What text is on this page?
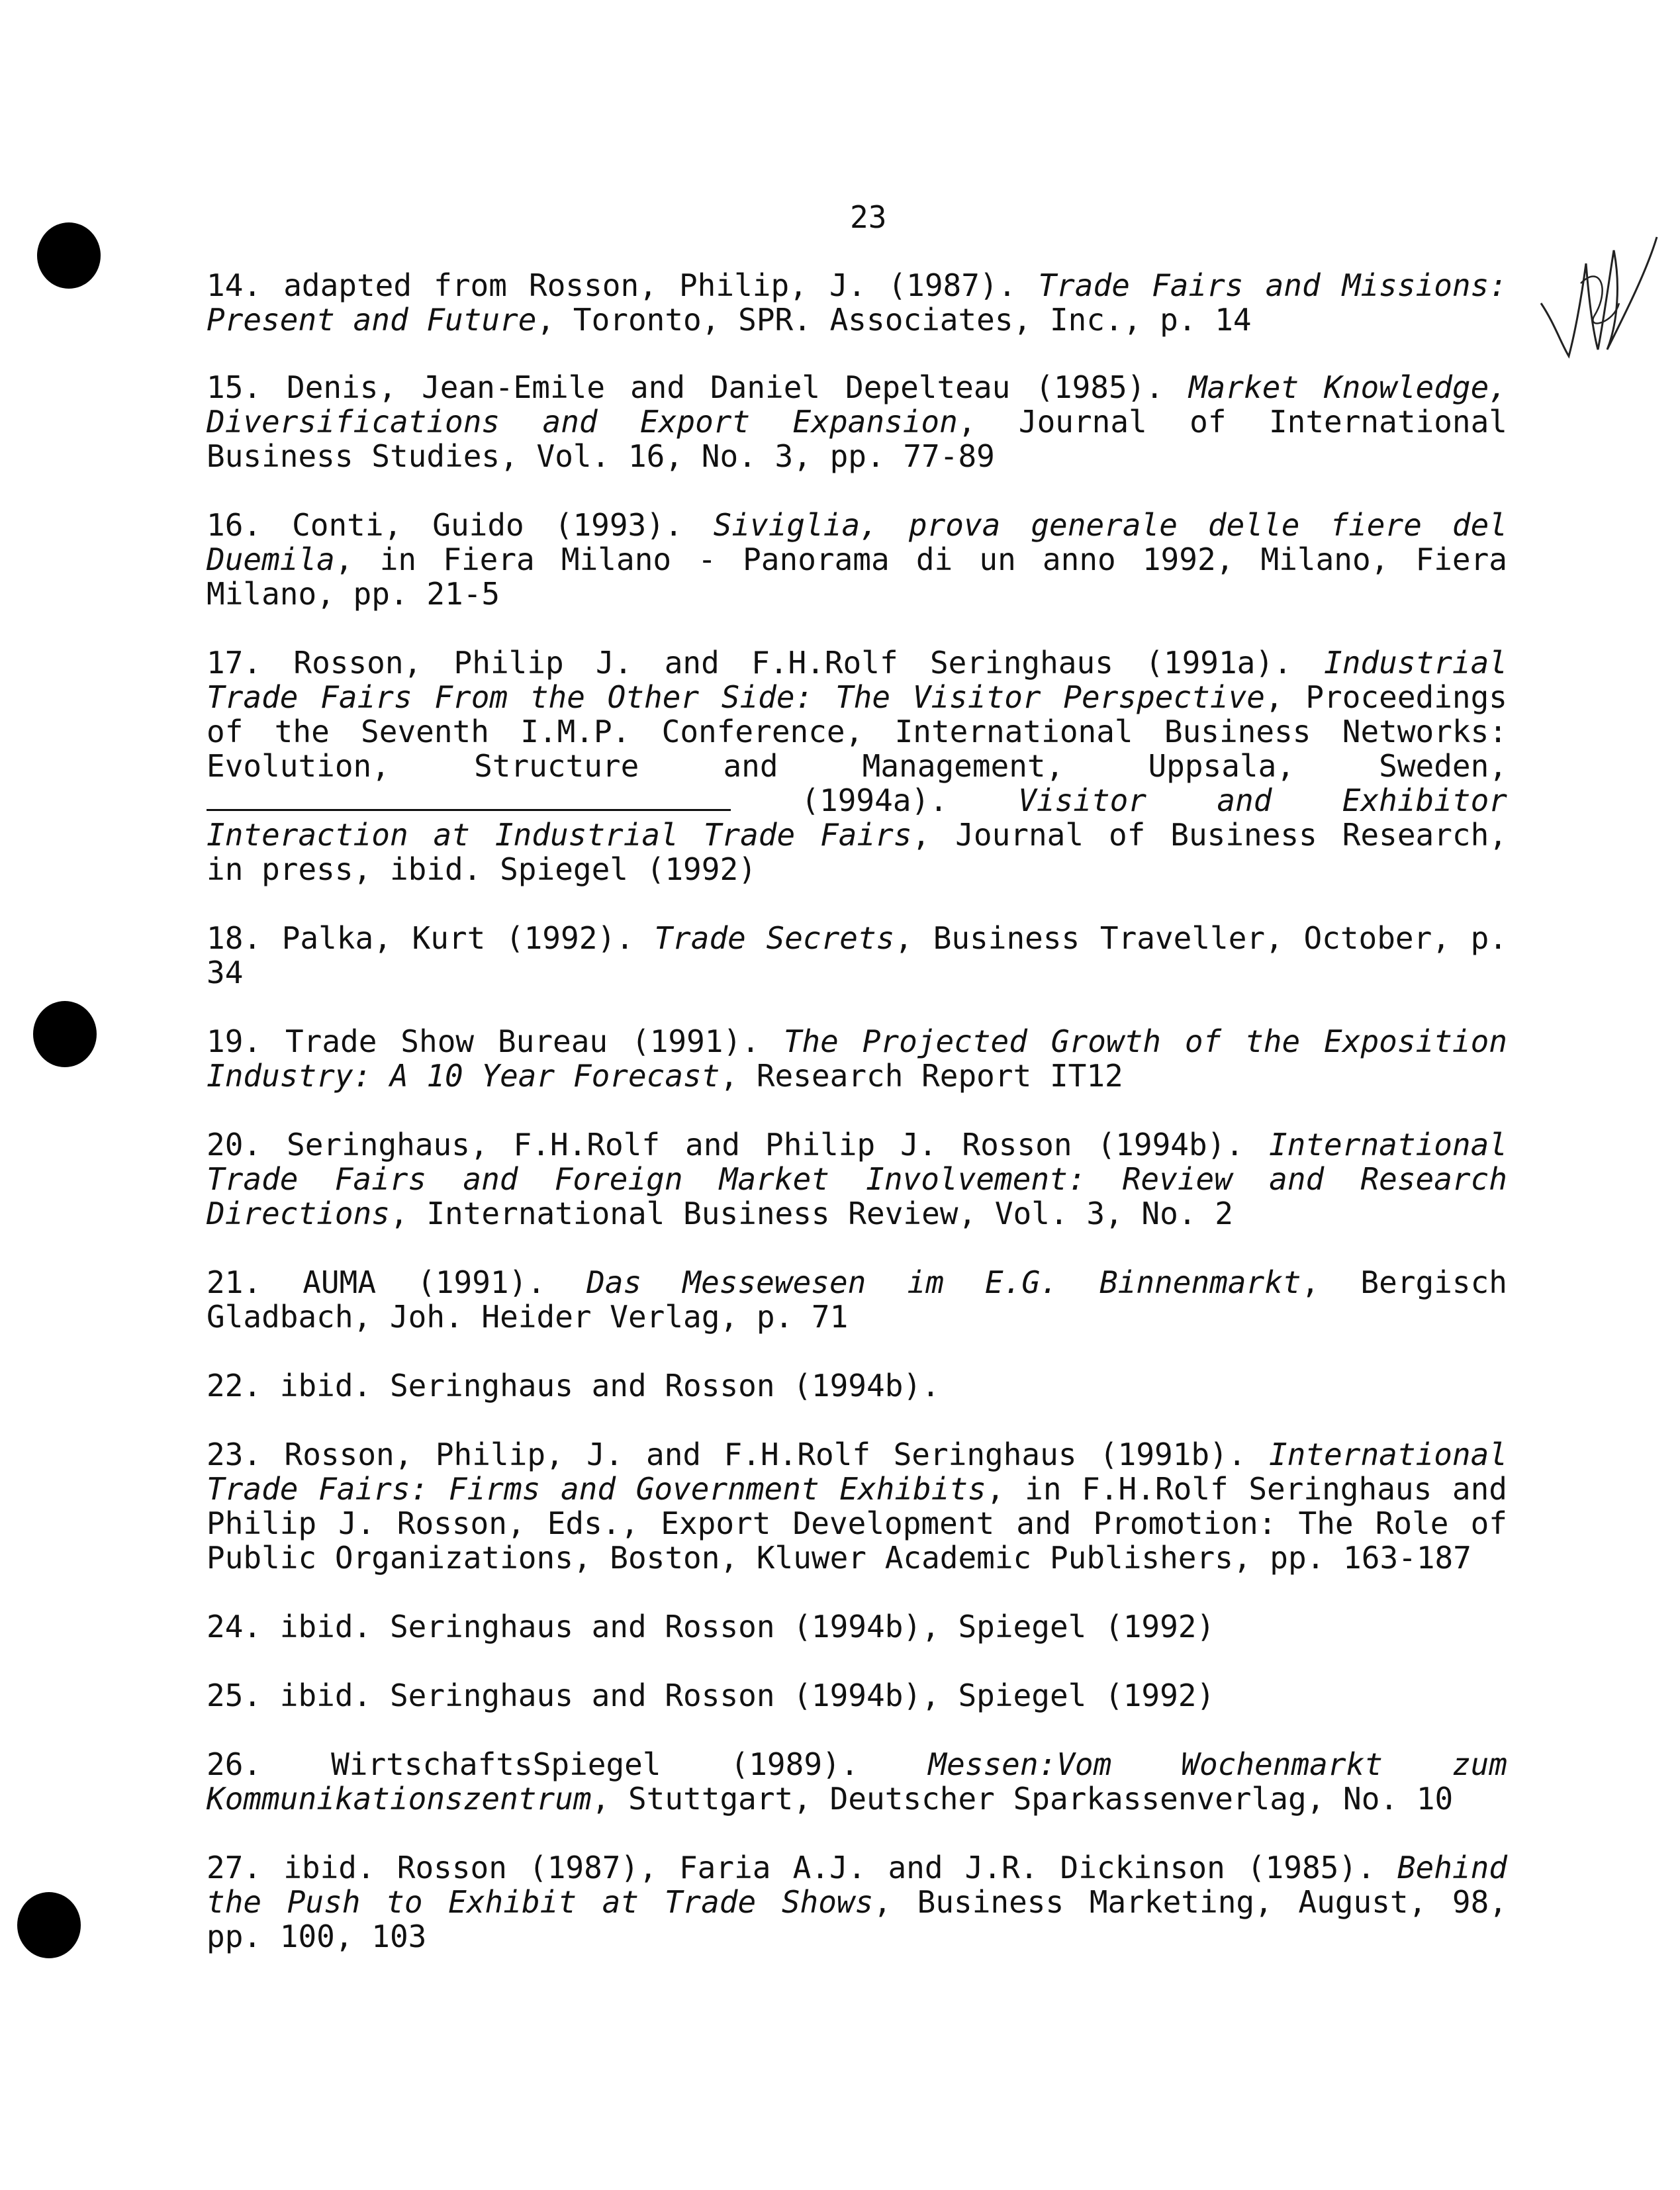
23
14. adapted from Rosson, Philip, J. (1987). Trade Fairs and Missions: Present and Future, Toronto, SPR. Associates, Inc., p. 14
15. Denis, Jean-Emile and Daniel Depelteau (1985). Market Knowledge, Diversifications and Export Expansion, Journal of International Business Studies, Vol. 16, No. 3, pp. 77-89
16. Conti, Guido (1993). Siviglia, prova generale delle fiere del Duemila, in Fiera Milano - Panorama di un anno 1992, Milano, Fiera Milano, pp. 21-5
17. Rosson, Philip J. and F.H.Rolf Seringhaus (1991a). Industrial Trade Fairs From the Other Side: The Visitor Perspective, Proceedings of the Seventh I.M.P. Conference, International Business Networks: Evolution, Structure and Management, Uppsala, Sweden,  (1994a). Visitor and Exhibitor Interaction at Industrial Trade Fairs, Journal of Business Research, in press, ibid. Spiegel (1992)
18. Palka, Kurt (1992). Trade Secrets, Business Traveller, October, p. 34
19. Trade Show Bureau (1991). The Projected Growth of the Exposition Industry: A 10 Year Forecast, Research Report IT12
20. Seringhaus, F.H.Rolf and Philip J. Rosson (1994b). International Trade Fairs and Foreign Market Involvement: Review and Research Directions, International Business Review, Vol. 3, No. 2
21. AUMA (1991). Das Messewesen im E.G. Binnenmarkt, Bergisch Gladbach, Joh. Heider Verlag, p. 71
22. ibid. Seringhaus and Rosson (1994b).
23. Rosson, Philip, J. and F.H.Rolf Seringhaus (1991b). International Trade Fairs: Firms and Government Exhibits, in F.H.Rolf Seringhaus and Philip J. Rosson, Eds., Export Development and Promotion: The Role of Public Organizations, Boston, Kluwer Academic Publishers, pp. 163-187
24. ibid. Seringhaus and Rosson (1994b), Spiegel (1992)
25. ibid. Seringhaus and Rosson (1994b), Spiegel (1992)
26. WirtschaftsSpiegel (1989). Messen:Vom Wochenmarkt zum Kommunikationszentrum, Stuttgart, Deutscher Sparkassenverlag, No. 10
27. ibid. Rosson (1987), Faria A.J. and J.R. Dickinson (1985). Behind the Push to Exhibit at Trade Shows, Business Marketing, August, 98, pp. 100, 103
